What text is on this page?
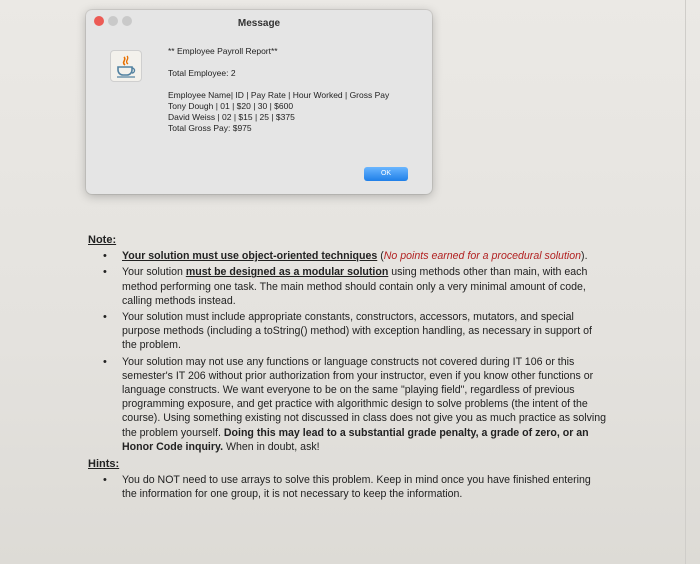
Message
** Employee Payroll Report**
Total Employee: 2
Employee Name| ID | Pay Rate | Hour Worked | Gross Pay
Tony Dough | 01 | $20 | 30 | $600
David Weiss | 02 | $15 | 25 | $375
Total Gross Pay: $975
OK
Note:
• Your solution must use object-oriented techniques (No points earned for a procedural solution).
• Your solution must be designed as a modular solution using methods other than main, with each method performing one task. The main method should contain only a very minimal amount of code, calling methods instead.
• Your solution must include appropriate constants, constructors, accessors, mutators, and special purpose methods (including a toString() method) with exception handling, as necessary in support of the problem.
• Your solution may not use any functions or language constructs not covered during IT 106 or this semester's IT 206 without prior authorization from your instructor, even if you know other functions or language constructs. We want everyone to be on the same "playing field", regardless of previous programming exposure, and get practice with algorithmic design to solve problems (the intent of the course). Using something existing not discussed in class does not give you as much practice as solving the problem yourself. Doing this may lead to a substantial grade penalty, a grade of zero, or an Honor Code inquiry. When in doubt, ask!
Hints:
• You do NOT need to use arrays to solve this problem. Keep in mind once you have finished entering the information for one group, it is not necessary to keep the information.
